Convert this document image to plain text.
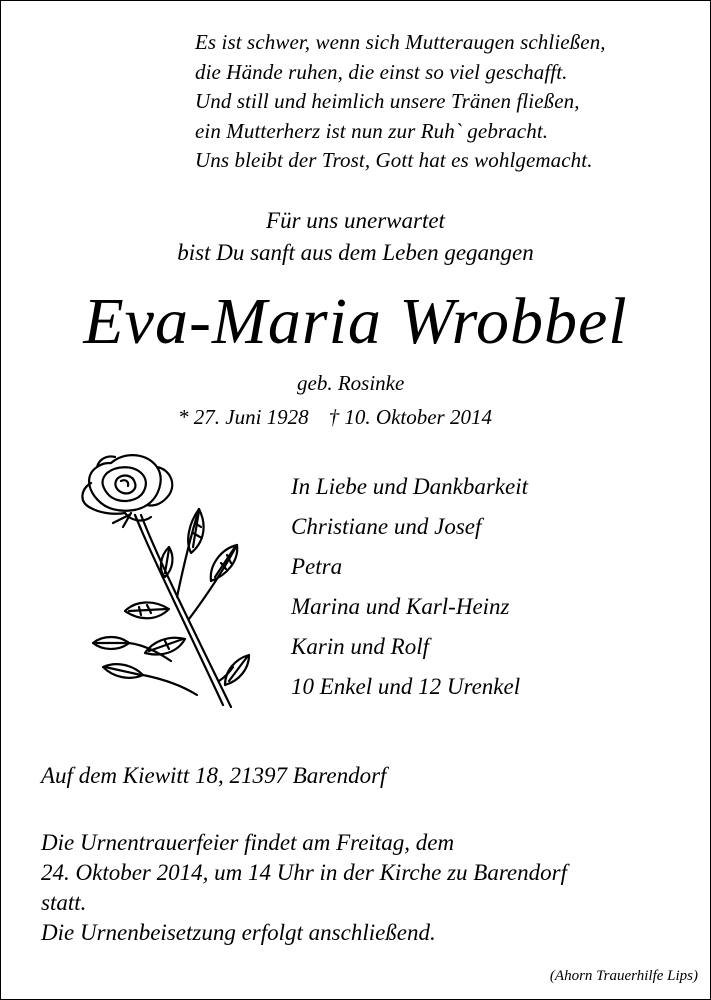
Es ist schwer, wenn sich Mutteraugen schließen,
die Hände ruhen, die einst so viel geschafft.
Und still und heimlich unsere Tränen fließen,
ein Mutterherz ist nun zur Ruh` gebracht.
Uns bleibt der Trost, Gott hat es wohlgemacht.
Für uns unerwartet
bist Du sanft aus dem Leben gegangen
Eva-Maria Wrobbel
geb. Rosinke
* 27. Juni 1928 † 10. Oktober 2014
In Liebe und Dankbarkeit
Christiane und Josef
Petra
Marina und Karl-Heinz
Karin und Rolf
10 Enkel und 12 Urenkel
Auf dem Kiewitt 18, 21397 Barendorf
Die Urnentrauerfeier findet am Freitag, dem
24. Oktober 2014, um 14 Uhr in der Kirche zu Barendorf
statt.
Die Urnenbeisetzung erfolgt anschließend.
(Ahorn Trauerhilfe Lips)
